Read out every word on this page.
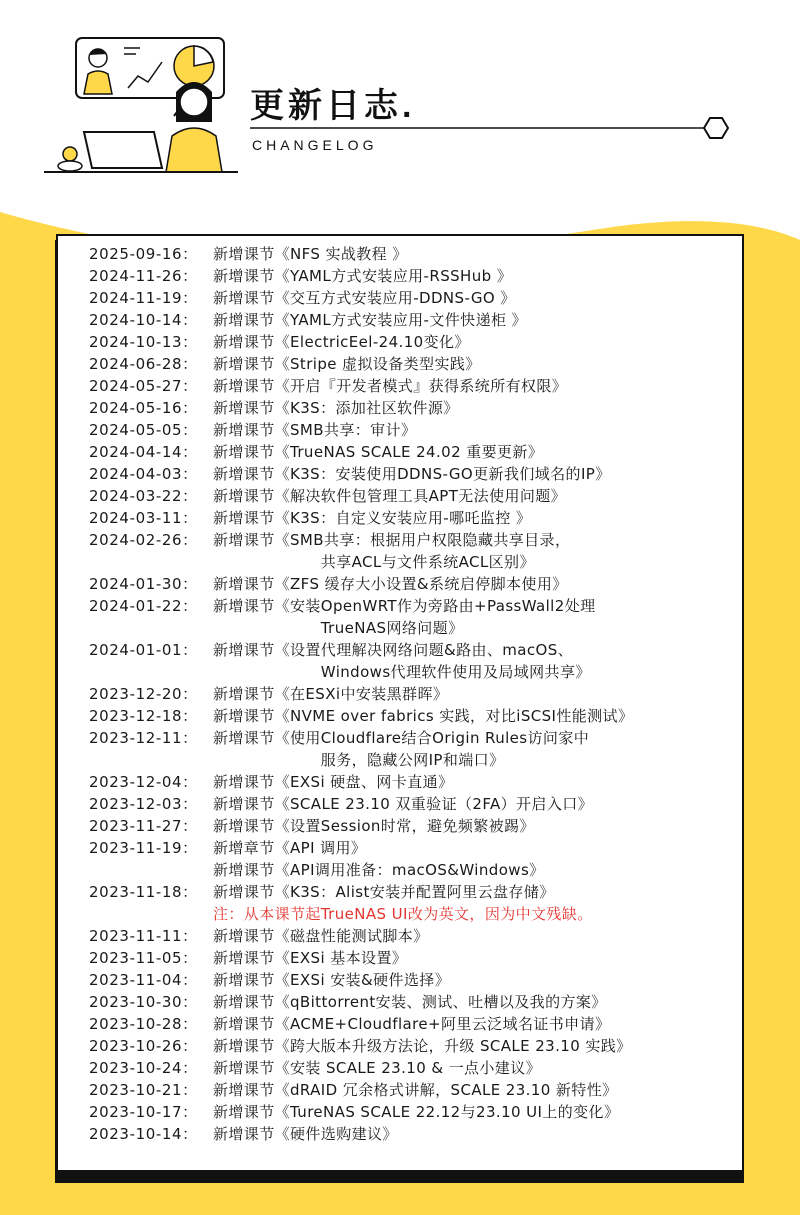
更新日志.
CHANGELOG
2025-09-16：	新增课节《NFS 实战教程 》
2024-11-26：	新增课节《YAML方式安装应用-RSSHub 》
2024-11-19：	新增课节《交互方式安装应用-DDNS-GO 》
2024-10-14：	新增课节《YAML方式安装应用-文件快递柜 》
2024-10-13：	新增课节《ElectricEel-24.10变化》
2024-06-28：	新增课节《Stripe 虚拟设备类型实践》
2024-05-27：	新增课节《开启『开发者模式』获得系统所有权限》
2024-05-16：	新增课节《K3S：添加社区软件源》
2024-05-05：	新增课节《SMB共享：审计》
2024-04-14：	新增课节《TrueNAS SCALE 24.02 重要更新》
2024-04-03：	新增课节《K3S：安装使用DDNS-GO更新我们域名的IP》
2024-03-22：	新增课节《解决软件包管理工具APT无法使用问题》
2024-03-11：	新增课节《K3S：自定义安装应用-哪吒监控 》
2024-02-26：	新增课节《SMB共享：根据用户权限隐藏共享目录，
　　　　　　　共享ACL与文件系统ACL区别》
2024-01-30：	新增课节《ZFS 缓存大小设置&系统启停脚本使用》
2024-01-22：	新增课节《安装OpenWRT作为旁路由+PassWall2处理
　　　　　　　TrueNAS网络问题》
2024-01-01：	新增课节《设置代理解决网络问题&路由、macOS、
　　　　　　　Windows代理软件使用及局域网共享》
2023-12-20：	新增课节《在ESXi中安装黑群晖》
2023-12-18：	新增课节《NVME over fabrics 实践，对比iSCSI性能测试》
2023-12-11：	新增课节《使用Cloudflare结合Origin Rules访问家中
　　　　　　　服务，隐藏公网IP和端口》
2023-12-04：	新增课节《EXSi 硬盘、网卡直通》
2023-12-03：	新增课节《SCALE 23.10 双重验证（2FA）开启入口》
2023-11-27：	新增课节《设置Session时常，避免频繁被踢》
2023-11-19：	新增章节《API 调用》
新增课节《API调用准备：macOS&Windows》
2023-11-18：	新增课节《K3S：Alist安装并配置阿里云盘存储》
注：从本课节起TrueNAS UI改为英文，因为中文残缺。
2023-11-11：	新增课节《磁盘性能测试脚本》
2023-11-05：	新增课节《EXSi 基本设置》
2023-11-04：	新增课节《EXSi 安装&硬件选择》
2023-10-30：	新增课节《qBittorrent安装、测试、吐槽以及我的方案》
2023-10-28：	新增课节《ACME+Cloudflare+阿里云泛域名证书申请》
2023-10-26：	新增课节《跨大版本升级方法论，升级 SCALE 23.10 实践》
2023-10-24：	新增课节《安装 SCALE 23.10 & 一点小建议》
2023-10-21：	新增课节《dRAID 冗余格式讲解，SCALE 23.10 新特性》
2023-10-17：	新增课节《TureNAS SCALE 22.12与23.10 UI上的变化》
2023-10-14：	新增课节《硬件选购建议》
